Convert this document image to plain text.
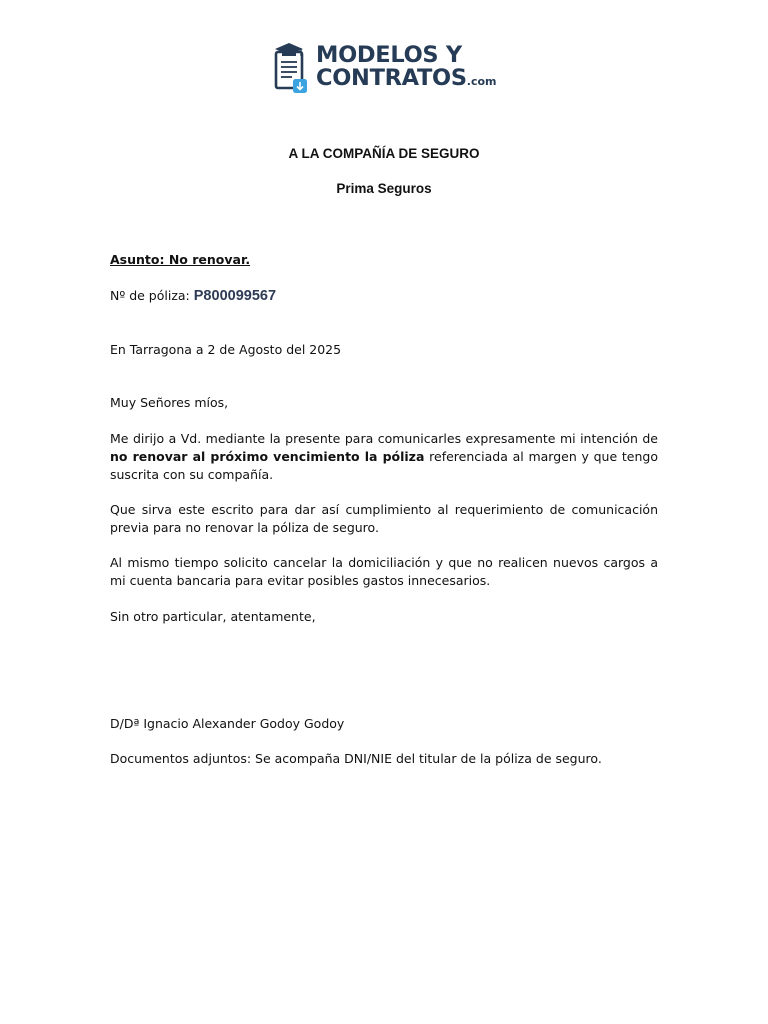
MODELOS Y
CONTRATOS.com
A LA COMPAÑÍA DE SEGURO
Prima Seguros
Asunto: No renovar.
Nº de póliza: P800099567
En Tarragona a 2 de Agosto del 2025
Muy Señores míos,
Me dirijo a Vd. mediante la presente para comunicarles expresamente mi intención de no renovar al próximo vencimiento la póliza referenciada al margen y que tengo suscrita con su compañía.
Que sirva este escrito para dar así cumplimiento al requerimiento de comunicación previa para no renovar la póliza de seguro.
Al mismo tiempo solicito cancelar la domiciliación y que no realicen nuevos cargos a mi cuenta bancaria para evitar posibles gastos innecesarios.
Sin otro particular, atentamente,
D/Dª Ignacio Alexander Godoy Godoy
Documentos adjuntos: Se acompaña DNI/NIE del titular de la póliza de seguro.
